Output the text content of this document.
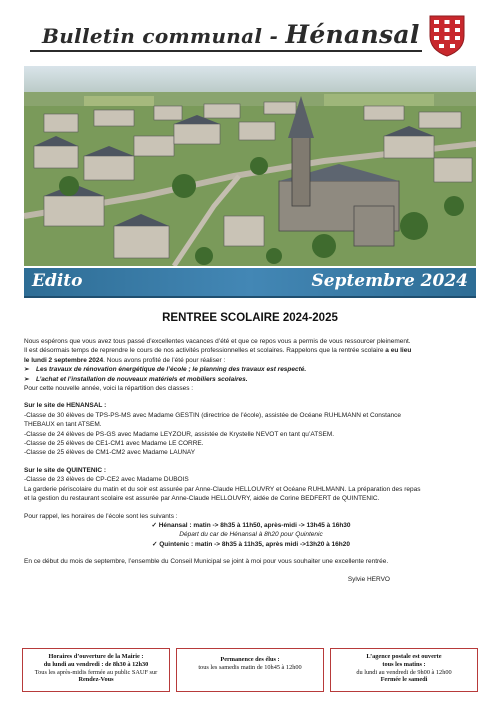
Bulletin communal - Hénansal
Edito	Septembre 2024
RENTREE SCOLAIRE 2024-2025

Nous espérons que vous avez tous passé d’excellentes vacances d’été et que ce repos vous a permis de vous ressourcer pleinement.

Il est désormais temps de reprendre le cours de nos activités professionnelles et scolaires. Rappelons que la rentrée scolaire a eu lieu

le lundi 2 septembre 2024. Nous avons profité de l’été pour réaliser :

➢ Les travaux de rénovation énergétique de l’école ; le planning des travaux est respecté.

➢ L’achat et l’installation de nouveaux matériels et mobiliers scolaires.

Pour cette nouvelle année, voici la répartition des classes :

Sur le site de HENANSAL :

-Classe de 30 élèves de TPS-PS-MS avec Madame GESTIN (directrice de l’école), assistée de Océane RUHLMANN et Constance

THEBAUX en tant ATSEM.

-Classe de 24 élèves de PS-GS avec Madame LEYZOUR, assistée de Krystelle NEVOT en tant qu’ATSEM.

-Classe de 25 élèves de CE1-CM1 avec Madame LE CORRE.

-Classe de 25 élèves de CM1-CM2 avec Madame LAUNAY

Sur le site de QUINTENIC :

-Classe de 23 élèves de CP-CE2 avec Madame DUBOIS

La garderie périscolaire du matin et du soir est assurée par Anne-Claude HELLOUVRY et Océane RUHLMANN. La préparation des repas

et la gestion du restaurant scolaire est assurée par Anne-Claude HELLOUVRY, aidée de Corine BEDFERT de QUINTENIC.

Pour rappel, les horaires de l’école sont les suivants :

✓ Hénansal : matin -> 8h35 à 11h50, après-midi -> 13h45 à 16h30

Départ du car de Hénansal à 8h20 pour Quintenic

✓ Quintenic : matin -> 8h35 à 11h35, après midi ->13h20 à 16h20

En ce début du mois de septembre, l’ensemble du Conseil Municipal se joint à moi pour vous souhaiter une excellente rentrée.

Sylvie HERVO

Horaires d’ouverture de la Mairie :
du lundi au vendredi : de 8h30 à 12h30
Tous les après-midis fermée au public SAUF sur
Rendez-Vous
Permanence des élus :
tous les samedis matin de 10h45 à 12h00
L’agence postale est ouverte
tous les matins :
du lundi au vendredi de 9h00 à 12h00
Fermée le samedi
